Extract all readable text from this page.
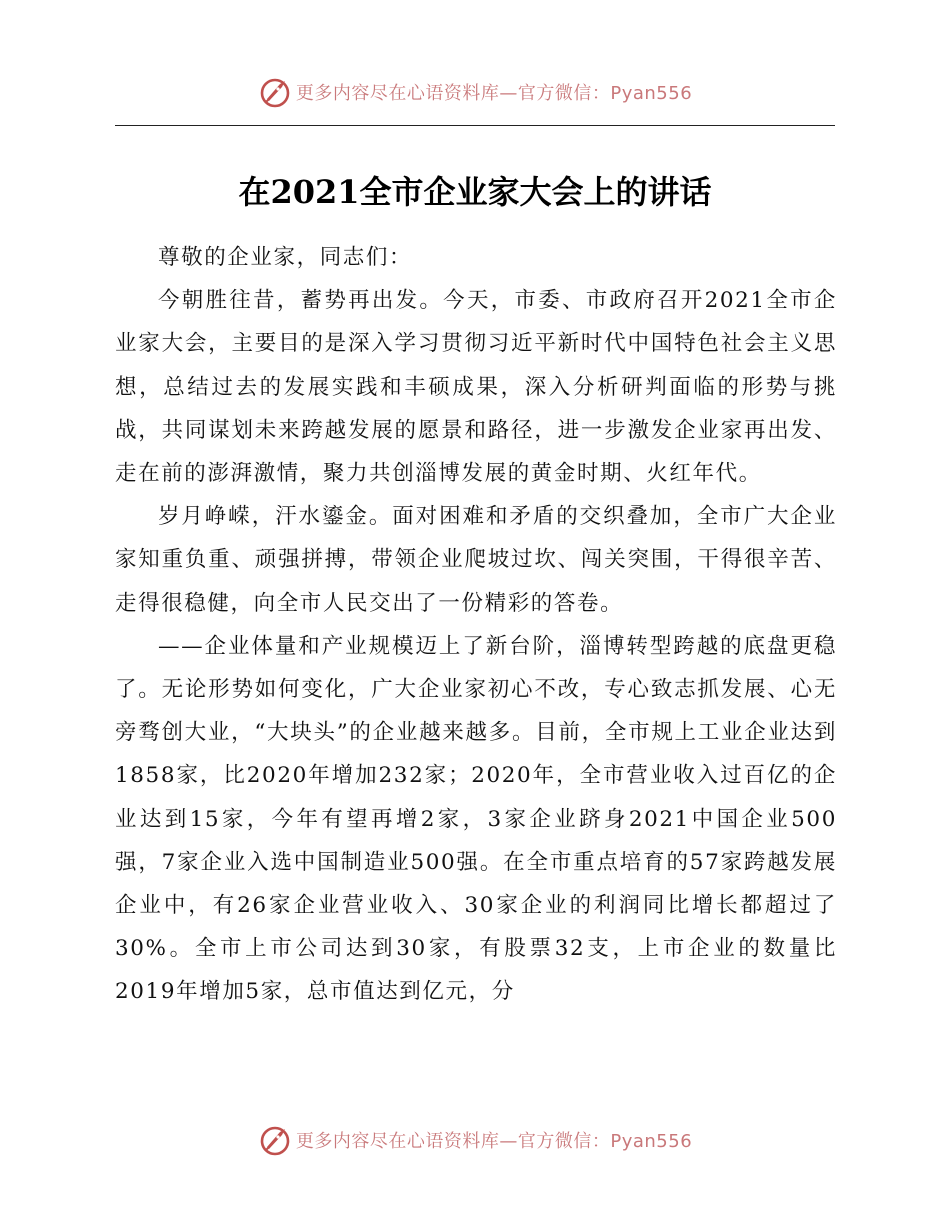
更多内容尽在心语资料库—官方微信：Pyan556
在2021全市企业家大会上的讲话

尊敬的企业家，同志们：

今朝胜往昔，蓄势再出发。今天，市委、市政府召开2021全市企业家大会，主要目的是深入学习贯彻习近平新时代中国特色社会主义思想，总结过去的发展实践和丰硕成果，深入分析研判面临的形势与挑战，共同谋划未来跨越发展的愿景和路径，进一步激发企业家再出发、走在前的澎湃激情，聚力共创淄博发展的黄金时期、火红年代。

岁月峥嵘，汗水鎏金。面对困难和矛盾的交织叠加，全市广大企业家知重负重、顽强拼搏，带领企业爬坡过坎、闯关突围，干得很辛苦、走得很稳健，向全市人民交出了一份精彩的答卷。

——企业体量和产业规模迈上了新台阶，淄博转型跨越的底盘更稳了。无论形势如何变化，广大企业家初心不改，专心致志抓发展、心无旁骛创大业，“大块头”的企业越来越多。目前，全市规上工业企业达到1858家，比2020年增加232家；2020年，全市营业收入过百亿的企业达到15家，今年有望再增2家，3家企业跻身2021中国企业500强，7家企业入选中国制造业500强。在全市重点培育的57家跨越发展企业中，有26家企业营业收入、30家企业的利润同比增长都超过了30%。全市上市公司达到30家，有股票32支，上市企业的数量比2019年增加5家，总市值达到亿元，分

更多内容尽在心语资料库—官方微信：Pyan556
